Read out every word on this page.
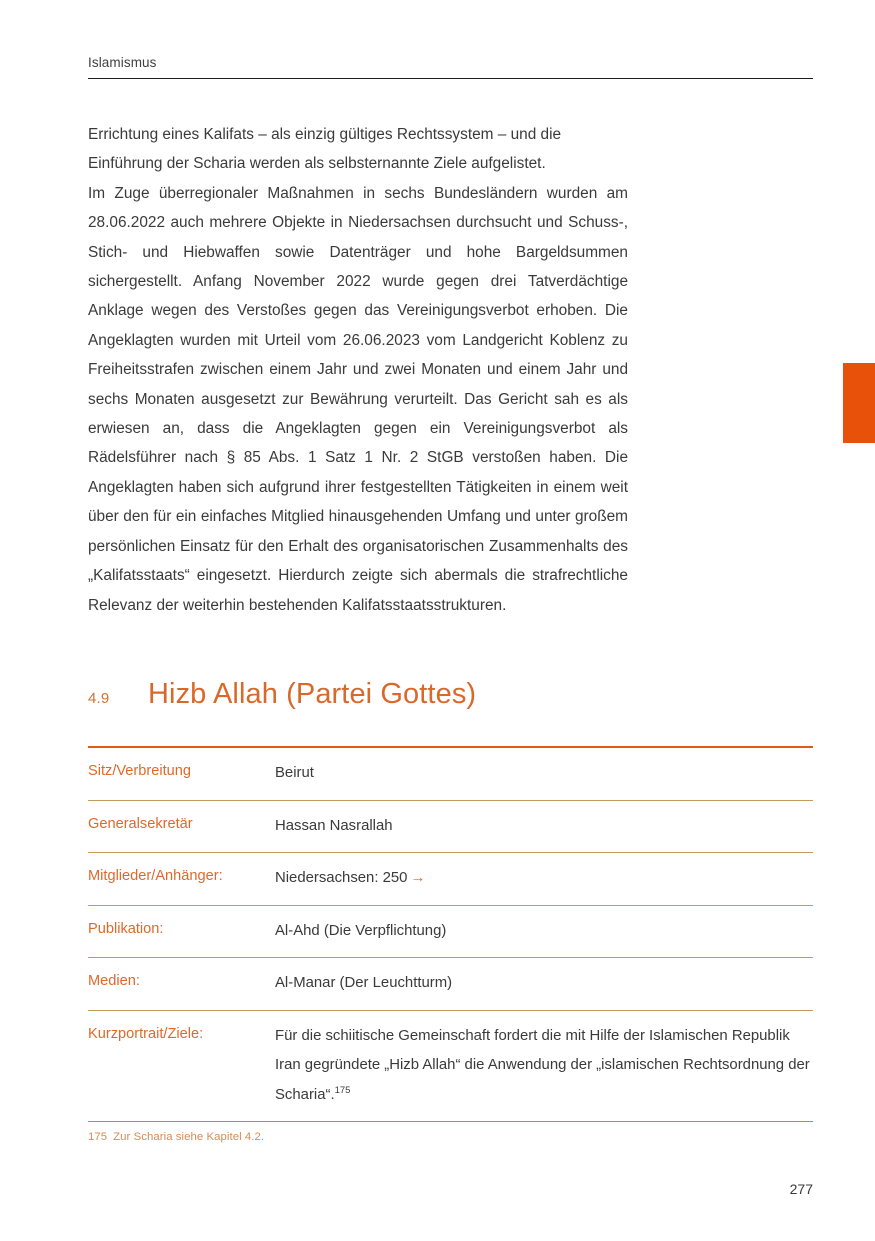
Islamismus

Errichtung eines Kalifats – als einzig gültiges Rechtssystem – und die Einführung der Scharia werden als selbsternannte Ziele aufgelistet.

Im Zuge überregionaler Maßnahmen in sechs Bundesländern wurden am 28.06.2022 auch mehrere Objekte in Niedersachsen durchsucht und Schuss-, Stich- und Hiebwaffen sowie Datenträger und hohe Bargeldsummen sichergestellt. Anfang November 2022 wurde gegen drei Tatverdächtige Anklage wegen des Verstoßes gegen das Vereinigungsverbot erhoben. Die Angeklagten wurden mit Urteil vom 26.06.2023 vom Landgericht Koblenz zu Freiheitsstrafen zwischen einem Jahr und zwei Monaten und einem Jahr und sechs Monaten ausgesetzt zur Bewährung verurteilt. Das Gericht sah es als erwiesen an, dass die Angeklagten gegen ein Vereinigungsverbot als Rädelsführer nach § 85 Abs. 1 Satz 1 Nr. 2 StGB verstoßen haben. Die Angeklagten haben sich aufgrund ihrer festgestellten Tätigkeiten in einem weit über den für ein einfaches Mitglied hinausgehenden Umfang und unter großem persönlichen Einsatz für den Erhalt des organisatorischen Zusammenhalts des „Kalifatsstaats“ eingesetzt. Hierdurch zeigte sich abermals die strafrechtliche Relevanz der weiterhin bestehenden Kalifatsstaatsstrukturen.

4.9	Hizb Allah (Partei Gottes)
Sitz/Verbreitung	Beirut
Generalsekretär	Hassan Nasrallah
Mitglieder/Anhänger:	Niedersachsen: 250 →
Publikation:	Al-Ahd (Die Verpflichtung)
Medien:	Al-Manar (Der Leuchtturm)
Kurzportrait/Ziele:	Für die schiitische Gemeinschaft fordert die mit Hilfe der Islamischen Republik Iran gegründete „Hizb Allah“ die Anwendung der „islamischen Rechtsordnung der Scharia“.$^{175}$
175 Zur Scharia siehe Kapitel 4.2.
277
